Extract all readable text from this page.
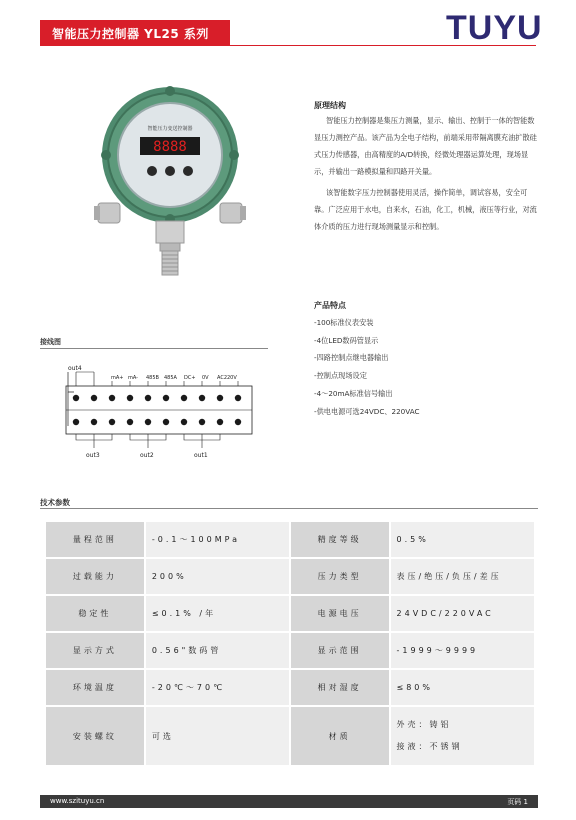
智能压力控制器 YL25 系列	TUYU
智能压力变送控制器
8888
原理结构

智能压力控制器是集压力测量，显示、输出、控制于一体的智能数显压力测控产品。该产品为全电子结构，前端采用带隔离膜充油扩散硅式压力传感器，由高精度的A/D转换，经微处理器运算处理，现场显示，并输出一路模拟量和四路开关量。

该智能数字压力控制器使用灵活，操作简单，调试容易，安全可靠。广泛应用于水电，自来水，石油，化工，机械，液压等行业，对流体介质的压力进行现场测量显示和控制。

产品特点
-100标准仪表安装
-4位LED数码管显示
-四路控制点继电器输出
-控制点现场设定
-4～20mA标准信号输出
-供电电源可选24VDC、220VAC
接线图
out4
mA+ mA- 485B 485A DC+ 0V AC220V
out3	out2	out1
技术参数
量程范围	-0.1～100MPa	精度等级	0.5%
过载能力	200%	压力类型	表压/绝压/负压/差压
稳定性	≤0.1% /年	电源电压	24VDC/220VAC
显示方式	0.56"数码管	显示范围	-1999～9999
环境温度	-20℃～70℃	相对湿度	≤80%
安装螺纹	可选	材质	外壳：铸铝
接液：不锈钢
www.szituyu.cn	页码 1
